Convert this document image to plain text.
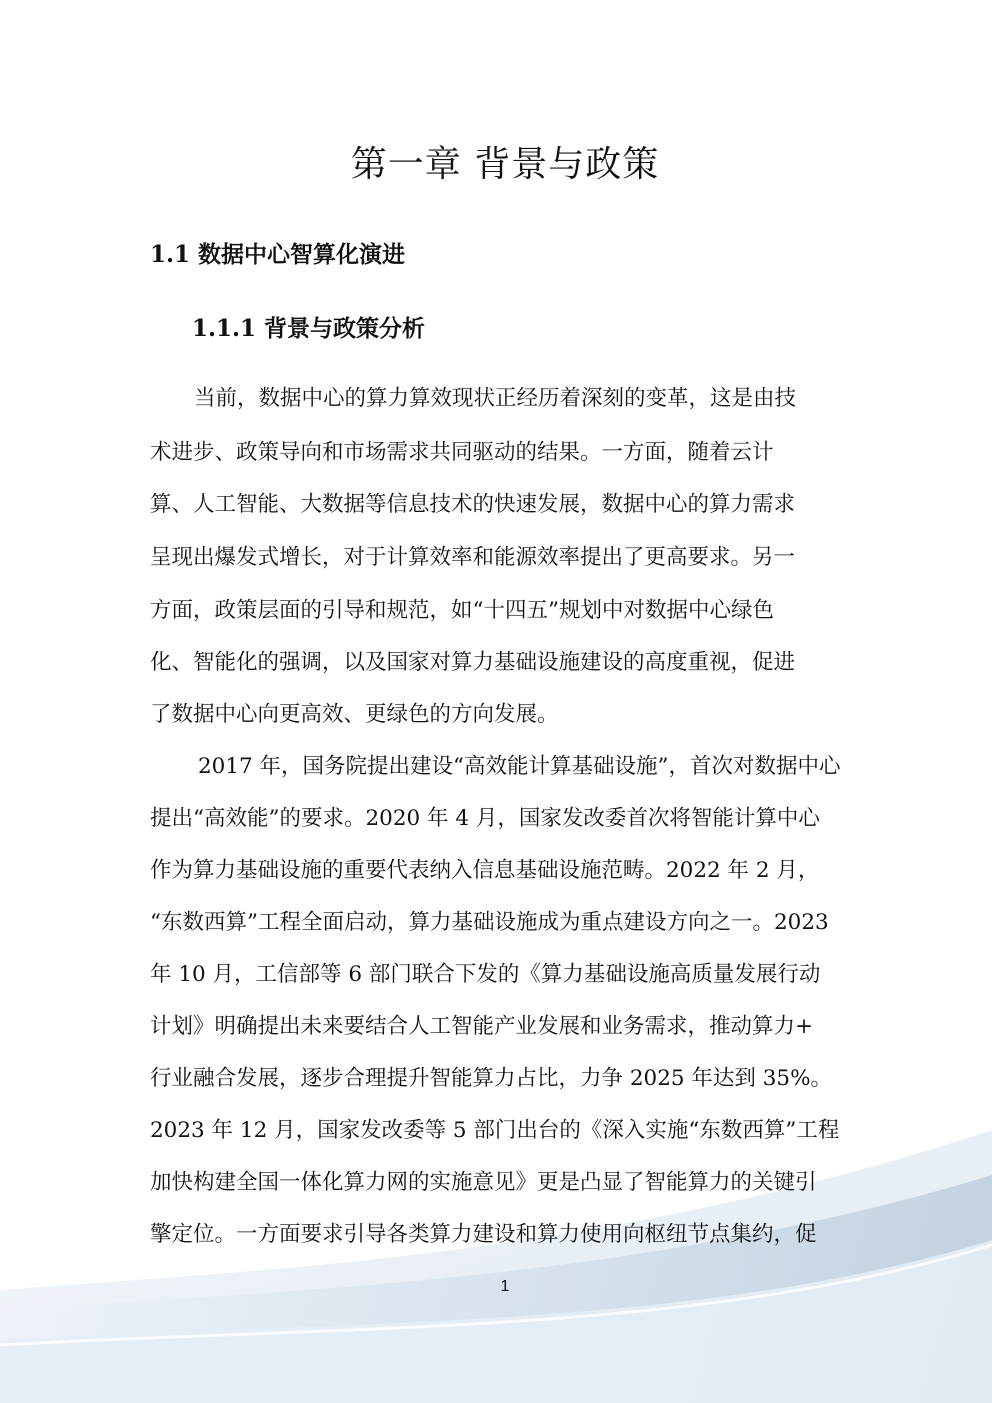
第一章 背景与政策
1.1 数据中心智算化演进
1.1.1 背景与政策分析

当前，数据中心的算力算效现状正经历着深刻的变革，这是由技

术进步、政策导向和市场需求共同驱动的结果。一方面，随着云计

算、人工智能、大数据等信息技术的快速发展，数据中心的算力需求

呈现出爆发式增长，对于计算效率和能源效率提出了更高要求。另一

方面，政策层面的引导和规范，如“十四五”规划中对数据中心绿色

化、智能化的强调，以及国家对算力基础设施建设的高度重视，促进

了数据中心向更高效、更绿色的方向发展。

2017 年，国务院提出建设“高效能计算基础设施”，首次对数据中心

提出“高效能”的要求。2020 年 4 月，国家发改委首次将智能计算中心

作为算力基础设施的重要代表纳入信息基础设施范畴。2022 年 2 月，

“东数西算”工程全面启动，算力基础设施成为重点建设方向之一。2023

年 10 月，工信部等 6 部门联合下发的《算力基础设施高质量发展行动

计划》明确提出未来要结合人工智能产业发展和业务需求，推动算力+

行业融合发展，逐步合理提升智能算力占比，力争 2025 年达到 35%。

2023 年 12 月，国家发改委等 5 部门出台的《深入实施“东数西算”工程

加快构建全国一体化算力网的实施意见》更是凸显了智能算力的关键引

擎定位。一方面要求引导各类算力建设和算力使用向枢纽节点集约，促

1
